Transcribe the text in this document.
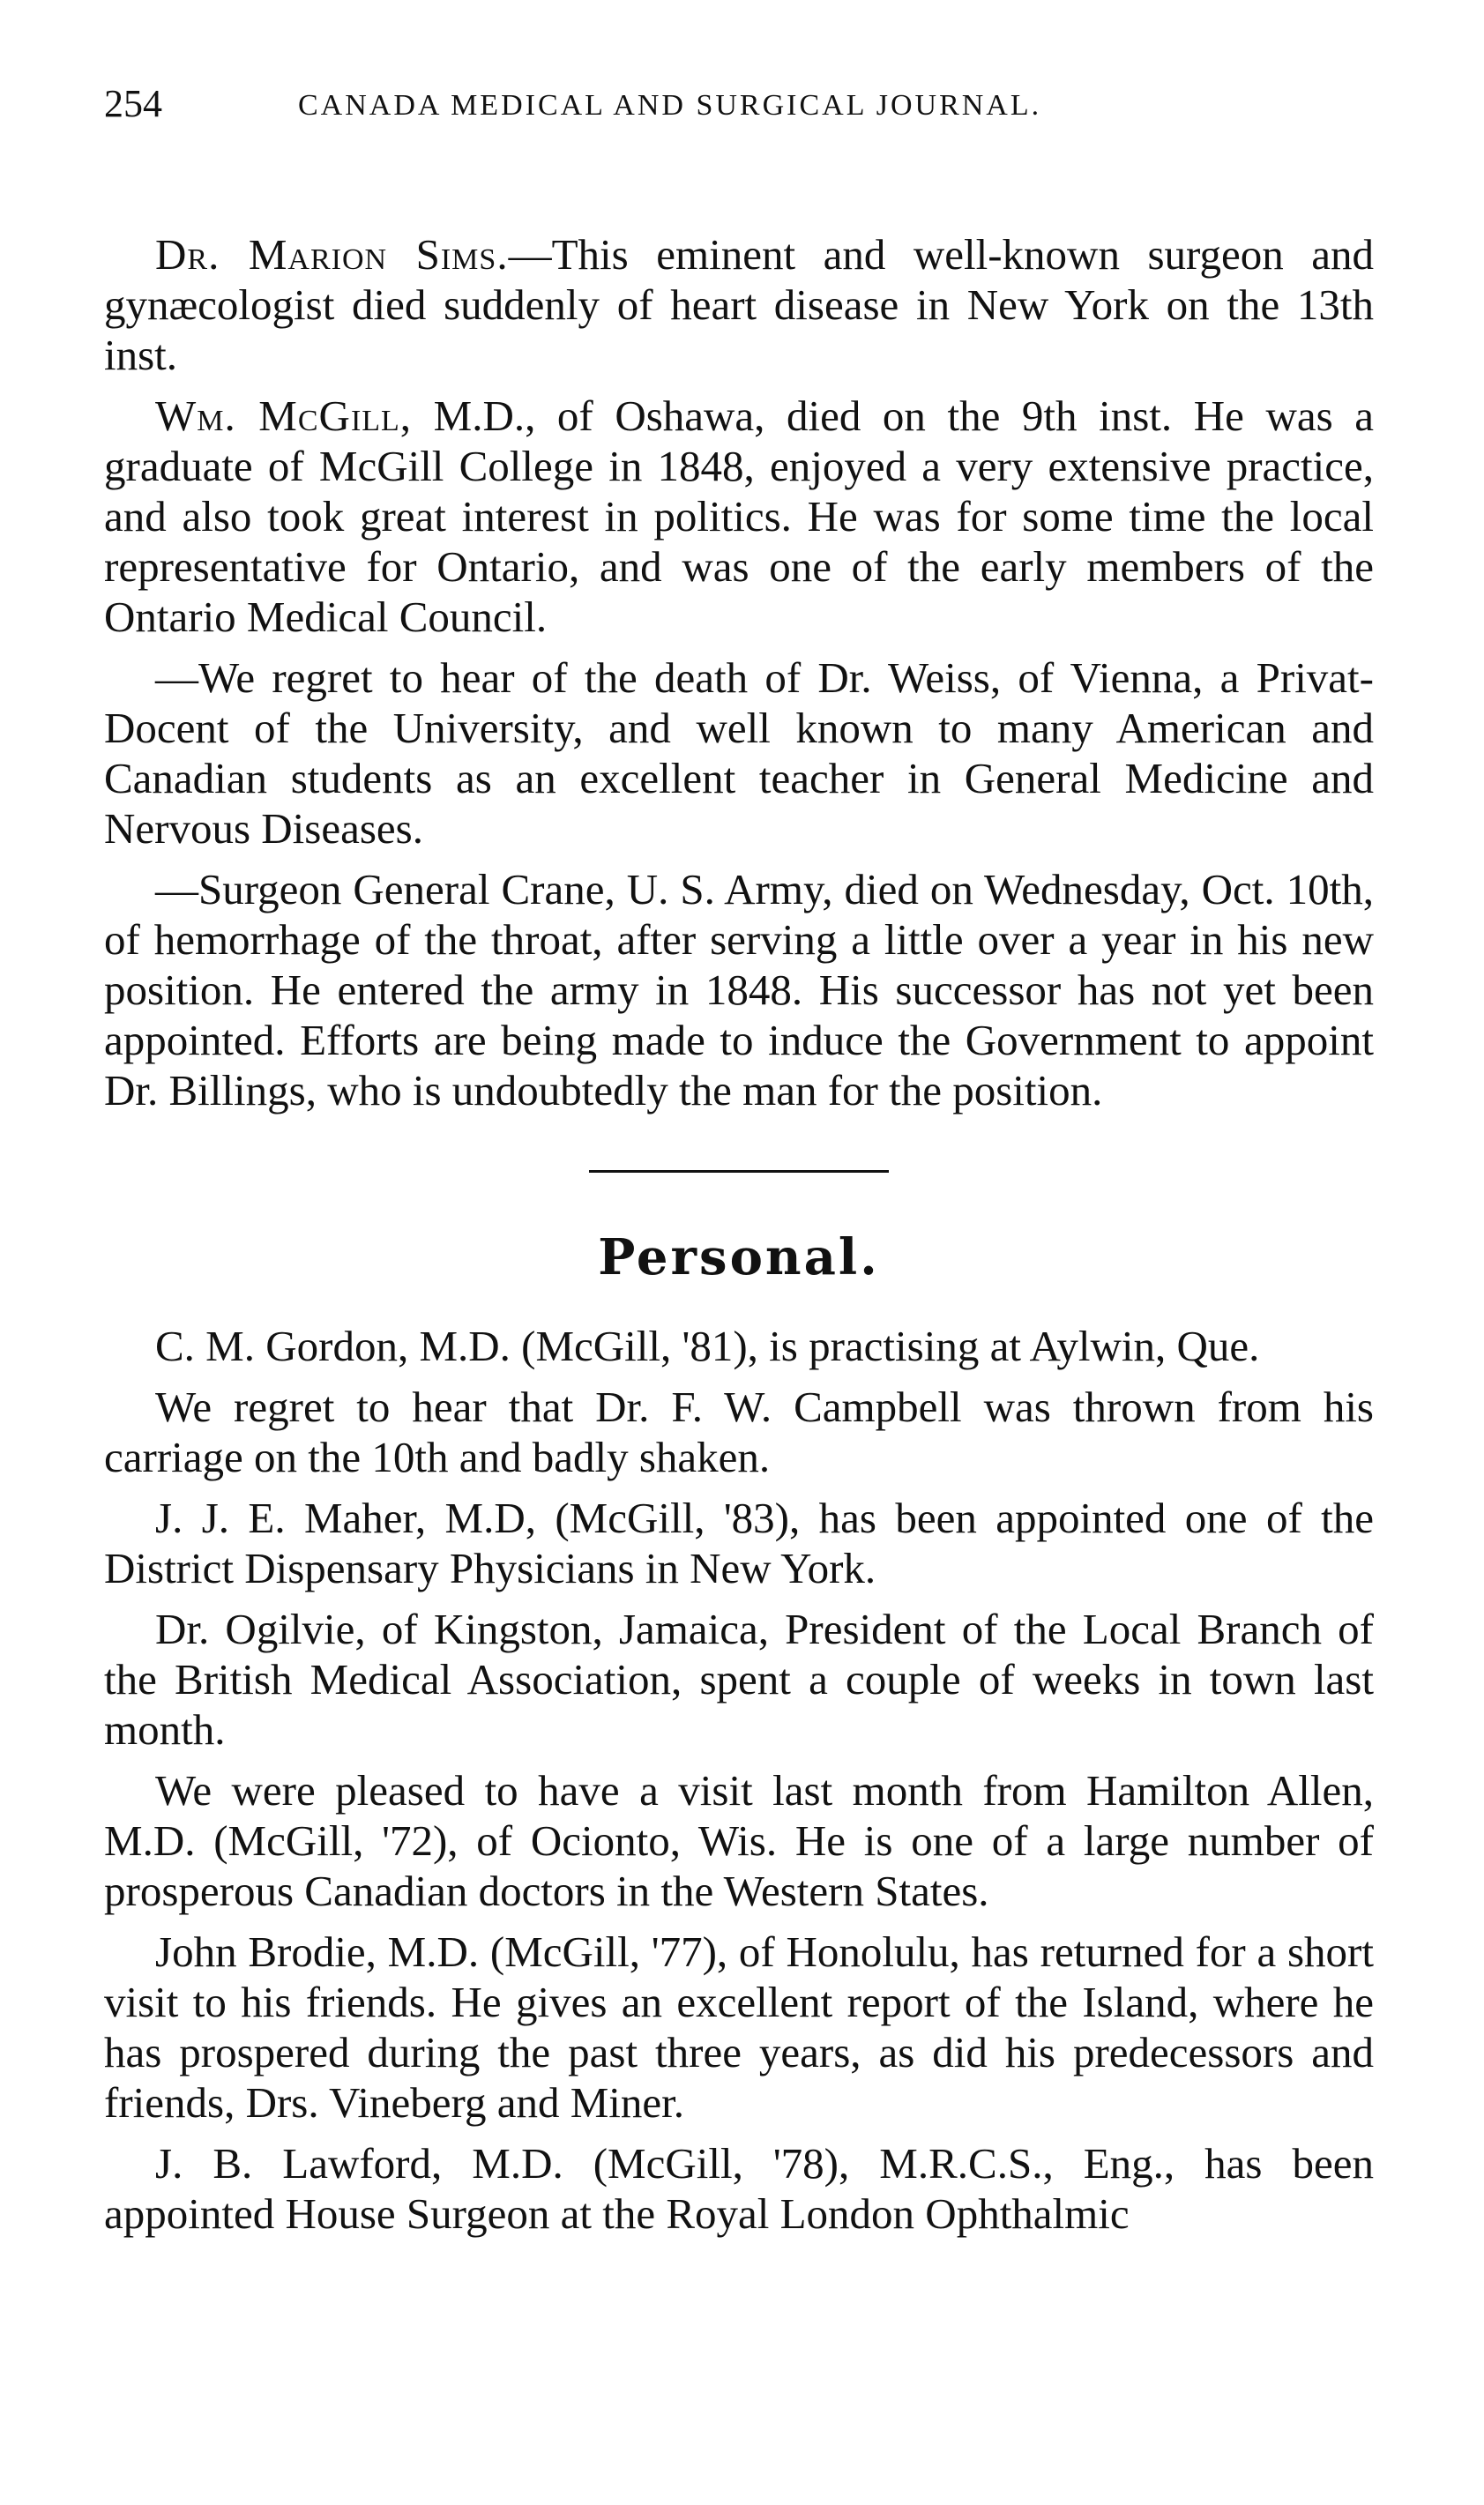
254	CANADA MEDICAL AND SURGICAL JOURNAL.

Dr. Marion Sims.—This eminent and well-known surgeon and gynæcologist died suddenly of heart disease in New York on the 13th inst.

Wm. McGill, M.D., of Oshawa, died on the 9th inst. He was a graduate of McGill College in 1848, enjoyed a very extensive practice, and also took great interest in politics. He was for some time the local representative for Ontario, and was one of the early members of the Ontario Medical Council.

—We regret to hear of the death of Dr. Weiss, of Vienna, a Privat-Docent of the University, and well known to many American and Canadian students as an excellent teacher in General Medicine and Nervous Diseases.

—Surgeon General Crane, U. S. Army, died on Wednesday, Oct. 10th, of hemorrhage of the throat, after serving a little over a year in his new position. He entered the army in 1848. His successor has not yet been appointed. Efforts are being made to induce the Government to appoint Dr. Billings, who is undoubtedly the man for the position.

Personal.

C. M. Gordon, M.D. (McGill, '81), is practising at Aylwin, Que.

We regret to hear that Dr. F. W. Campbell was thrown from his carriage on the 10th and badly shaken.

J. J. E. Maher, M.D, (McGill, '83), has been appointed one of the District Dispensary Physicians in New York.

Dr. Ogilvie, of Kingston, Jamaica, President of the Local Branch of the British Medical Association, spent a couple of weeks in town last month.

We were pleased to have a visit last month from Hamilton Allen, M.D. (McGill, '72), of Ocionto, Wis. He is one of a large number of prosperous Canadian doctors in the Western States.

John Brodie, M.D. (McGill, '77), of Honolulu, has returned for a short visit to his friends. He gives an excellent report of the Island, where he has prospered during the past three years, as did his predecessors and friends, Drs. Vineberg and Miner.

J. B. Lawford, M.D. (McGill, '78), M.R.C.S., Eng., has been appointed House Surgeon at the Royal London Ophthalmic
